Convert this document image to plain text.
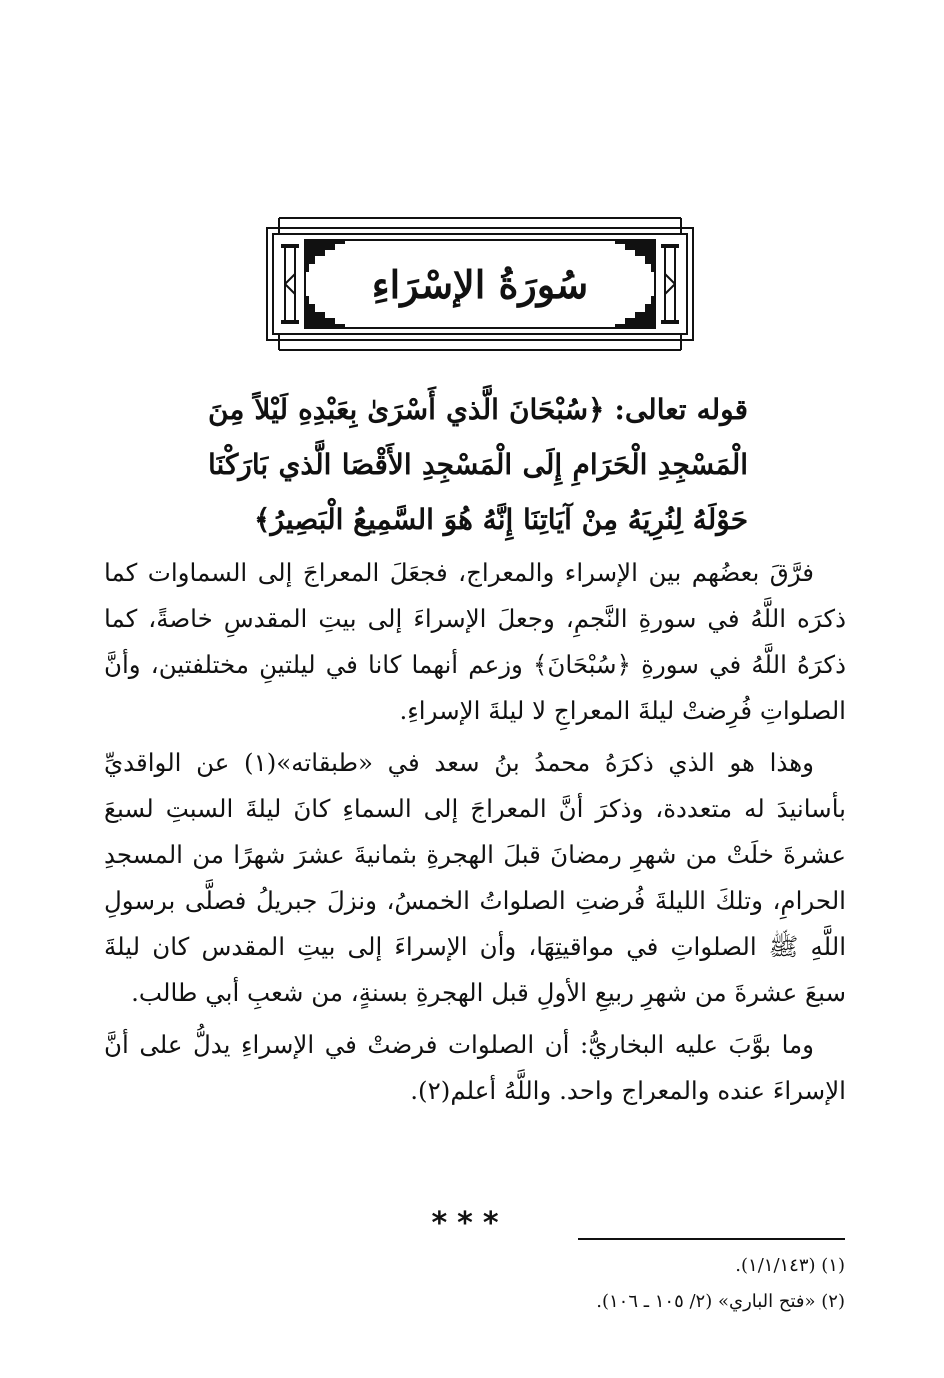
سُورَةُ الإسْرَاءِ
قوله تعالى: ﴿سُبْحَانَ الَّذي أَسْرَىٰ بِعَبْدِهِ لَيْلاً مِنَ الْمَسْجِدِ الْحَرَامِ إِلَى الْمَسْجِدِ الأَقْصَا الَّذي بَارَكْنَا حَوْلَهُ لِنُرِيَهُ مِنْ آيَاتِنَا إِنَّهُ هُوَ السَّمِيعُ الْبَصِيرُ﴾

فرَّقَ بعضُهم بين الإسراء والمعراج، فجعَلَ المعراجَ إلى السماوات كما ذكرَه اللَّهُ في سورةِ النَّجمِ، وجعلَ الإسراءَ إلى بيتِ المقدسِ خاصةً، كما ذكرَهُ اللَّهُ في سورةِ ﴿سُبْحَانَ﴾ وزعم أنهما كانا في ليلتينِ مختلفتين، وأنَّ الصلواتِ فُرِضتْ ليلةَ المعراجِ لا ليلةَ الإسراءِ.

وهذا هو الذي ذكرَهُ محمدُ بنُ سعد في «طبقاته»(١) عن الواقديِّ بأسانيدَ له متعددة، وذكرَ أنَّ المعراجَ إلى السماءِ كانَ ليلةَ السبتِ لسبعَ عشرةَ خلَتْ من شهرِ رمضانَ قبلَ الهجرةِ بثمانيةَ عشرَ شهرًا من المسجدِ الحرامِ، وتلكَ الليلةَ فُرضتِ الصلواتُ الخمسُ، ونزلَ جبريلُ فصلَّى برسولِ اللَّهِ ﷺ الصلواتِ في مواقيتِهَا، وأن الإسراءَ إلى بيتِ المقدس كان ليلةَ سبعَ عشرةَ من شهرِ ربيعِ الأولِ قبل الهجرةِ بسنةٍ، من شعبِ أبي طالب.

وما بوَّبَ عليه البخاريُّ: أن الصلوات فرضتْ في الإسراءِ يدلُّ على أنَّ الإسراءَ عنده والمعراج واحد. واللَّهُ أعلم(٢).

***
(١) (١/١/١٤٣).
(٢) «فتح الباري» (٢/ ١٠٥ ـ ١٠٦).
